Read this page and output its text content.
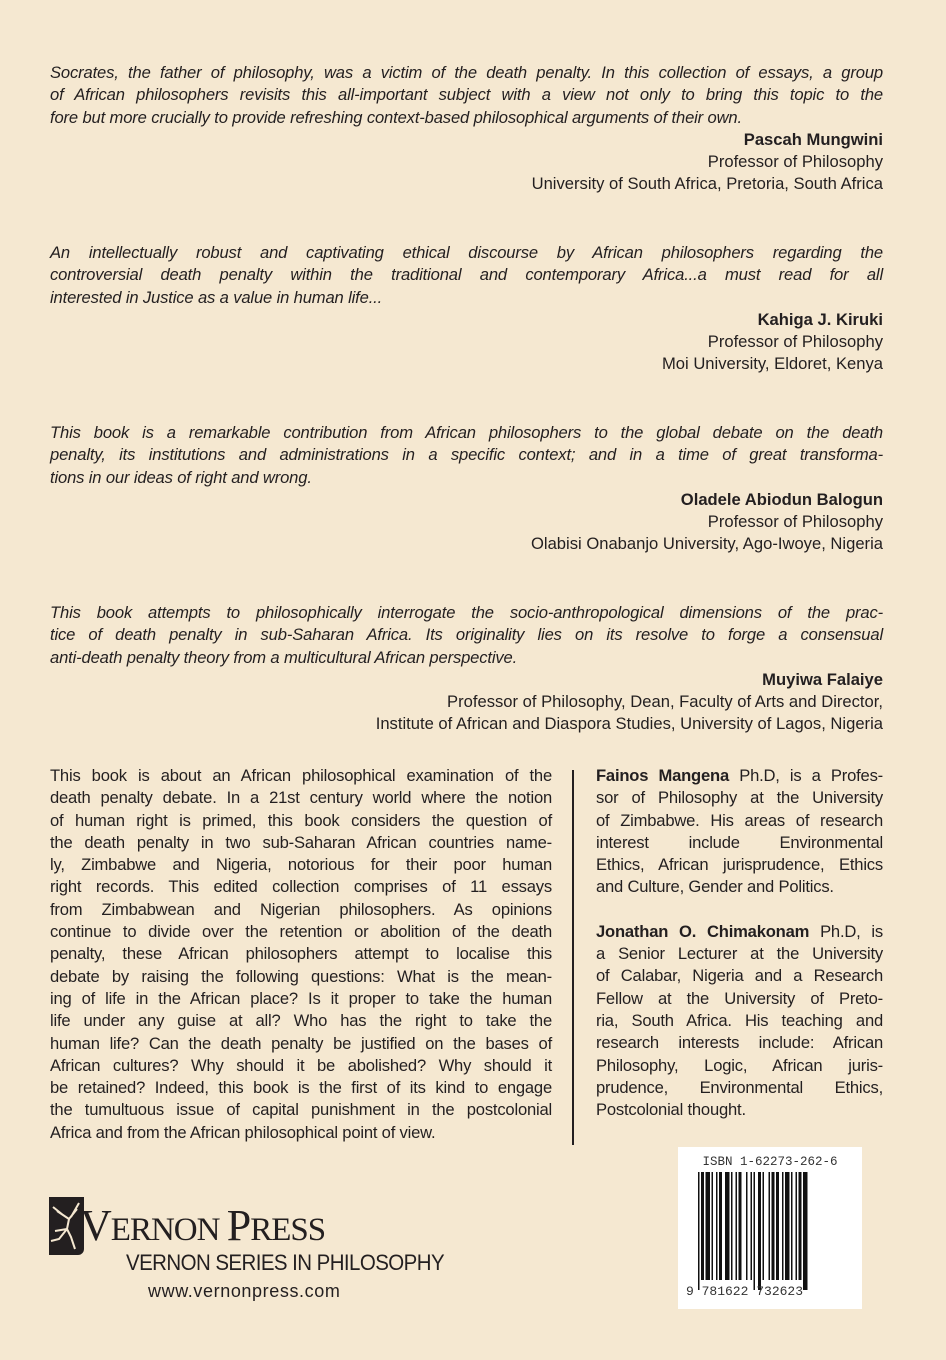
Socrates, the father of philosophy, was a victim of the death penalty. In this collection of essays, a group
of African philosophers revisits this all-important subject with a view not only to bring this topic to the
fore but more crucially to provide refreshing context-based philosophical arguments of their own.
Pascah Mungwini
Professor of Philosophy
University of South Africa, Pretoria, South Africa
An intellectually robust and captivating ethical discourse by African philosophers regarding the
controversial death penalty within the traditional and contemporary Africa...a must read for all
interested in Justice as a value in human life...
Kahiga J. Kiruki
Professor of Philosophy
Moi University, Eldoret, Kenya
This book is a remarkable contribution from African philosophers to the global debate on the death
penalty, its institutions and administrations in a specific context; and in a time of great transforma-
tions in our ideas of right and wrong.
Oladele Abiodun Balogun
Professor of Philosophy
Olabisi Onabanjo University, Ago-Iwoye, Nigeria
This book attempts to philosophically interrogate the socio-anthropological dimensions of the prac-
tice of death penalty in sub-Saharan Africa. Its originality lies on its resolve to forge a consensual
anti-death penalty theory from a multicultural African perspective.
Muyiwa Falaiye
Professor of Philosophy, Dean, Faculty of Arts and Director,
Institute of African and Diaspora Studies, University of Lagos, Nigeria
This book is about an African philosophical examination of the
death penalty debate. In a 21st century world where the notion
of human right is primed, this book considers the question of
the death penalty in two sub-Saharan African countries name-
ly, Zimbabwe and Nigeria, notorious for their poor human
right records. This edited collection comprises of 11 essays
from Zimbabwean and Nigerian philosophers. As opinions
continue to divide over the retention or abolition of the death
penalty, these African philosophers attempt to localise this
debate by raising the following questions: What is the mean-
ing of life in the African place? Is it proper to take the human
life under any guise at all? Who has the right to take the
human life? Can the death penalty be justified on the bases of
African cultures? Why should it be abolished? Why should it
be retained? Indeed, this book is the first of its kind to engage
the tumultuous issue of capital punishment in the postcolonial
Africa and from the African philosophical point of view.
Fainos Mangena Ph.D, is a Profes-
sor of Philosophy at the University
of Zimbabwe. His areas of research
interest include Environmental
Ethics, African jurisprudence, Ethics
and Culture, Gender and Politics.
Jonathan O. Chimakonam Ph.D, is
a Senior Lecturer at the University
of Calabar, Nigeria and a Research
Fellow at the University of Preto-
ria, South Africa. His teaching and
research interests include: African
Philosophy, Logic, African juris-
prudence, Environmental Ethics,
Postcolonial thought.
VERNON PRESS
VERNON SERIES IN PHILOSOPHY
www.vernonpress.com
ISBN 1-62273-262-6
9 781622 732623
